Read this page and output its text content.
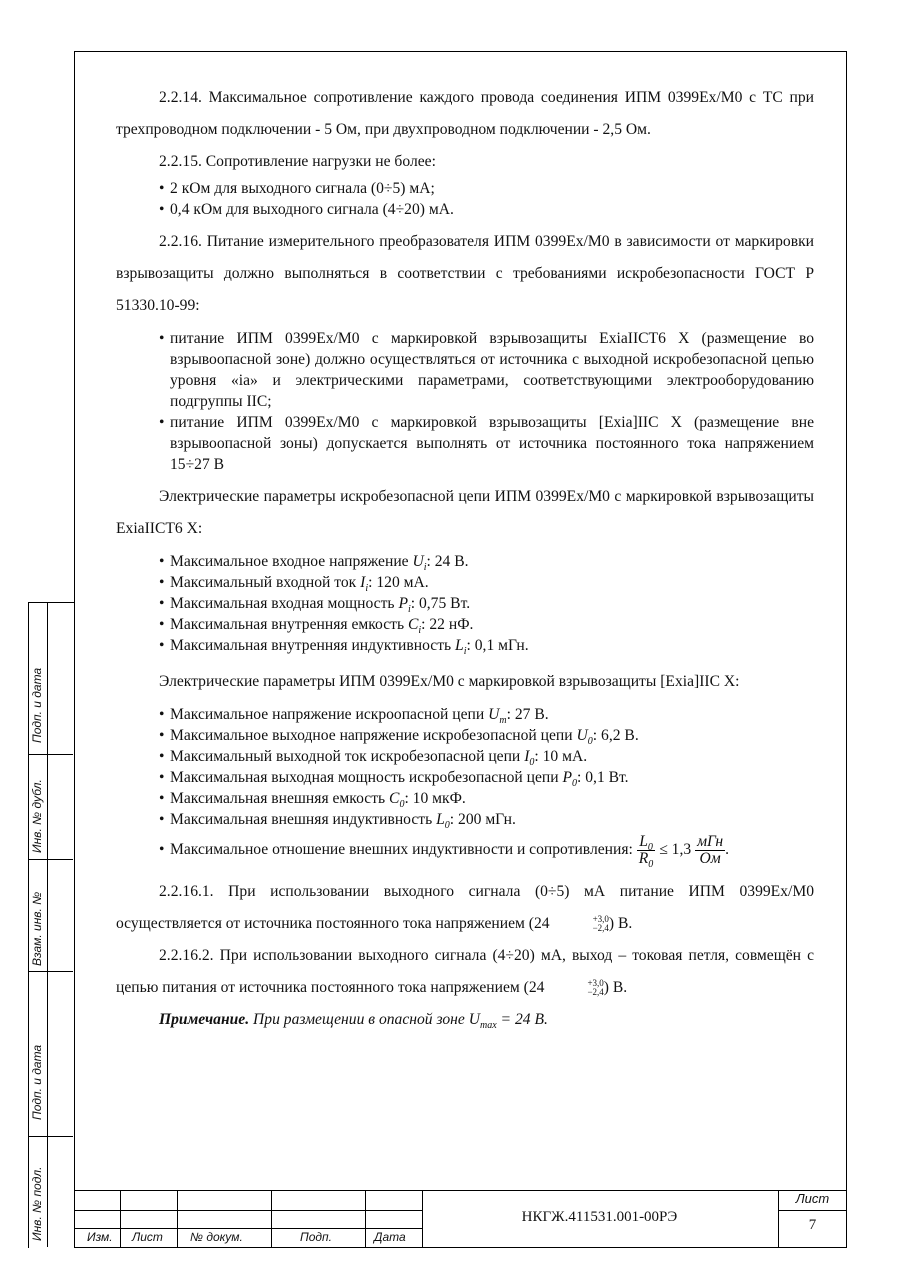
2.2.14. Максимальное сопротивление каждого провода соединения ИПМ 0399Ex/M0 с ТС при трехпроводном подключении - 5 Ом, при двухпроводном подключении - 2,5 Ом.

2.2.15. Сопротивление нагрузки не более:

• 2 кОм для выходного сигнала (0÷5) мА;
• 0,4 кОм для выходного сигнала (4÷20) мА.

2.2.16. Питание измерительного преобразователя ИПМ 0399Ex/M0 в зависимости от маркировки взрывозащиты должно выполняться в соответствии с требованиями искробезопасности ГОСТ Р 51330.10-99:

• питание ИПМ 0399Ex/M0 с маркировкой взрывозащиты ExiaIICT6 X (размещение во взрывоопасной зоне) должно осуществляться от источника с выходной искробезопасной цепью уровня «ia» и электрическими параметрами, соответствующими электрооборудованию подгруппы IIC;
• питание ИПМ 0399Ex/M0 с маркировкой взрывозащиты [Exia]IIC X (размещение вне взрывоопасной зоны) допускается выполнять от источника постоянного тока напряжением 15÷27 В

Электрические параметры искробезопасной цепи ИПМ 0399Ex/M0 с маркировкой взрывозащиты ExiaIICT6 X:

• Максимальное входное напряжение $U_i$: 24 В.
• Максимальный входной ток $I_i$: 120 мА.
• Максимальная входная мощность $P_i$: 0,75 Вт.
• Максимальная внутренняя емкость $C_i$: 22 нФ.
• Максимальная внутренняя индуктивность $L_i$: 0,1 мГн.

Электрические параметры ИПМ 0399Ex/M0 с маркировкой взрывозащиты [Exia]IIC X:

• Максимальное напряжение искроопасной цепи $U_m$: 27 В.
• Максимальное выходное напряжение искробезопасной цепи $U_0$: 6,2 В.
• Максимальный выходной ток искробезопасной цепи $I_0$: 10 мА.
• Максимальная выходная мощность искробезопасной цепи $P_0$: 0,1 Вт.
• Максимальная внешняя емкость $C_0$: 10 мкФ.
• Максимальная внешняя индуктивность $L_0$: 200 мГн.
• Максимальное отношение внешних индуктивности и сопротивления: $\frac{L_0}{R_0} \le 1,3 \frac{\text{мГн}}{Ом}$ .

2.2.16.1. При использовании выходного сигнала (0÷5) мА питание ИПМ 0399Ex/M0 осуществляется от источника постоянного тока напряжением (24	+3,0
−2,4 ) В.

2.2.16.2. При использовании выходного сигнала (4÷20) мА, выход – токовая петля, совмещён с цепью питания от источника постоянного тока напряжением (24	+3,0
−2,4 ) В.

Примечание. При размещении в опасной зоне $U_{max} = 24$ В.

Подп. и дата
Инв. № дубл.
Взам. инв. №
Подп. и дата
Инв. № подл.	Изм. Лист № докум.	Подп.	Дата
НКГЖ.411531.001-00РЭ
Лист
7
